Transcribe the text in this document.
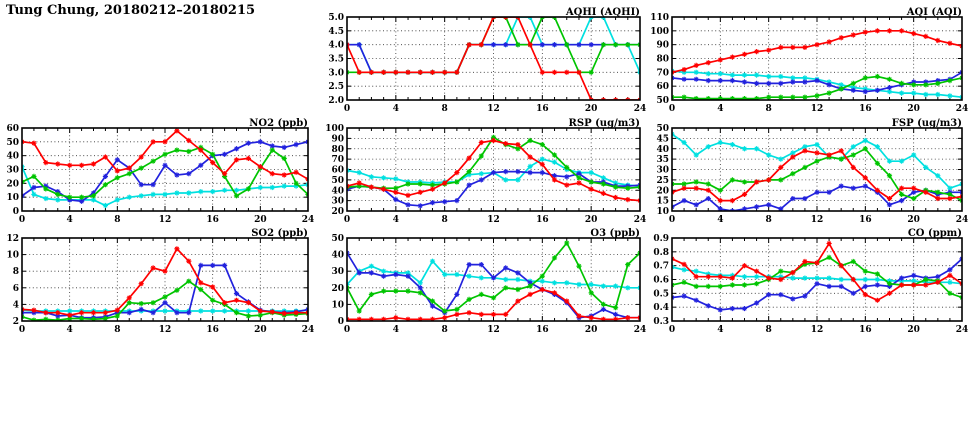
Tung Chung, 20180212–20180215
2.0
2.5
3.0
3.5
4.0
4.5
5.0
0	4	8	12	16	20	24
AQHI (AQHI)
50
60
70
80
90
100
110
0	4	8	12	16	20	24
AQI (AQI)
0
10
20
30
40
50
60
0	4	8	12	16	20	24
NO2 (ppb)
20
30
40
50
60
70
80
90
100
0	4	8	12	16	20	24
RSP (ug/m3)
10
15
20
25
30
35
40
45
50
0	4	8	12	16	20	24
FSP (ug/m3)
2
4
6
8
10
12
0	4	8	12	16	20	24
SO2 (ppb)
0
10
20
30
40
50
0	4	8	12	16	20	24
O3 (ppb)
0.3
0.4
0.5
0.6
0.7
0.8
0.9
0	4	8	12	16	20	24
CO (ppm)
